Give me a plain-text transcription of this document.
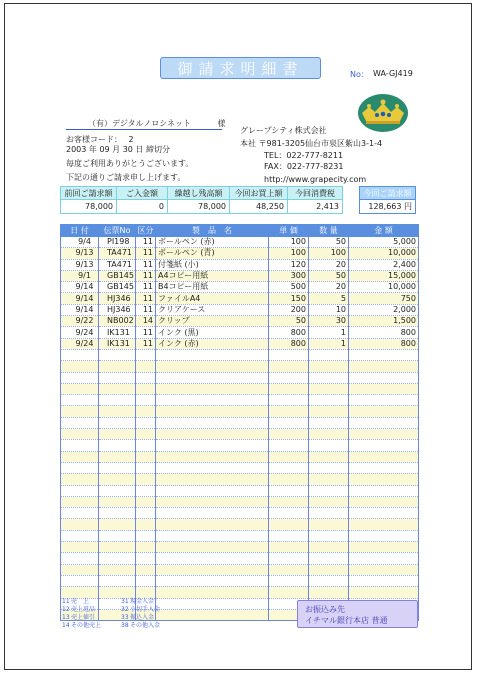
御請求明細書	No： WA-GJ419
（有）デジタルノロシネット	様
お客様コード： 2
2003 年 09 月 30 日 締切分
毎度ご利用ありがとうございます。
下記の通りご請求申し上げます。
グレープシティ株式会社
本社 〒981-3205仙台市泉区紫山3-1-4
TEL：022-777-8211
FAX：022-777-8231
http://www.grapecity.com
前回ご請求額	ご入金額	繰越し残高額	今回お買上額	今回消費税
78,000	0	78,000	48,250	2,413
今回ご請求額
128,663 円
日 付	伝票No	区分	製　品　名	単 価	数 量	金 額
9/4	PI198	11	ボールペン (赤)	100	50	5,000
9/13	TA471	11	ボールペン (青)	100	100	10,000
9/13	TA471	11	付箋紙 (小)	120	20	2,400
9/1	GB145	11	A4コピー用紙	300	50	15,000
9/14	GB145	11	B4コピー用紙	500	20	10,000
9/14	HJ346	11	ファイルA4	150	5	750
9/14	HJ346	11	クリアケース	200	10	2,000
9/22	NB002	14	クリップ	50	30	1,500
9/24	IK131	11	インク (黒)	800	1	800
9/24	IK131	11	インク (赤)	800	1	800

11売　上	31現金入金
12売上返品	32小切手入金
13売上値引	33振込入金
14その他売上	38その他入金
お振込み先
イチマル銀行本店 普通
